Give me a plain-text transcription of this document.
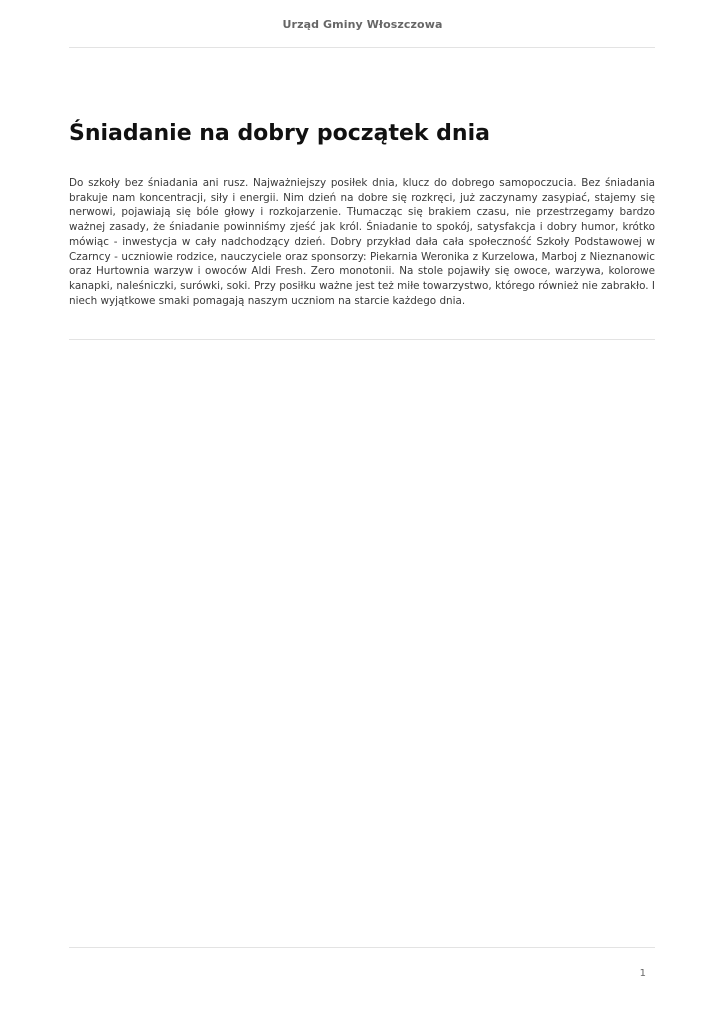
Urząd Gminy Włoszczowa
Śniadanie na dobry początek dnia

Do szkoły bez śniadania ani rusz. Najważniejszy posiłek dnia, klucz do dobrego samopoczucia. Bez śniadania brakuje nam koncentracji, siły i energii. Nim dzień na dobre się rozkręci, już zaczynamy zasypiać, stajemy się nerwowi, pojawiają się bóle głowy i rozkojarzenie. Tłumacząc się brakiem czasu, nie przestrzegamy bardzo ważnej zasady, że śniadanie powinniśmy zjeść jak król. Śniadanie to spokój, satysfakcja i dobry humor, krótko mówiąc - inwestycja w cały nadchodzący dzień. Dobry przykład dała cała społeczność Szkoły Podstawowej w Czarncy - uczniowie rodzice, nauczyciele oraz sponsorzy: Piekarnia Weronika z Kurzelowa, Marboj z Nieznanowic oraz Hurtownia warzyw i owoców Aldi Fresh. Zero monotonii. Na stole pojawiły się owoce, warzywa, kolorowe kanapki, naleśniczki, surówki, soki. Przy posiłku ważne jest też miłe towarzystwo, którego również nie zabrakło. I niech wyjątkowe smaki pomagają naszym uczniom na starcie każdego dnia.

1
